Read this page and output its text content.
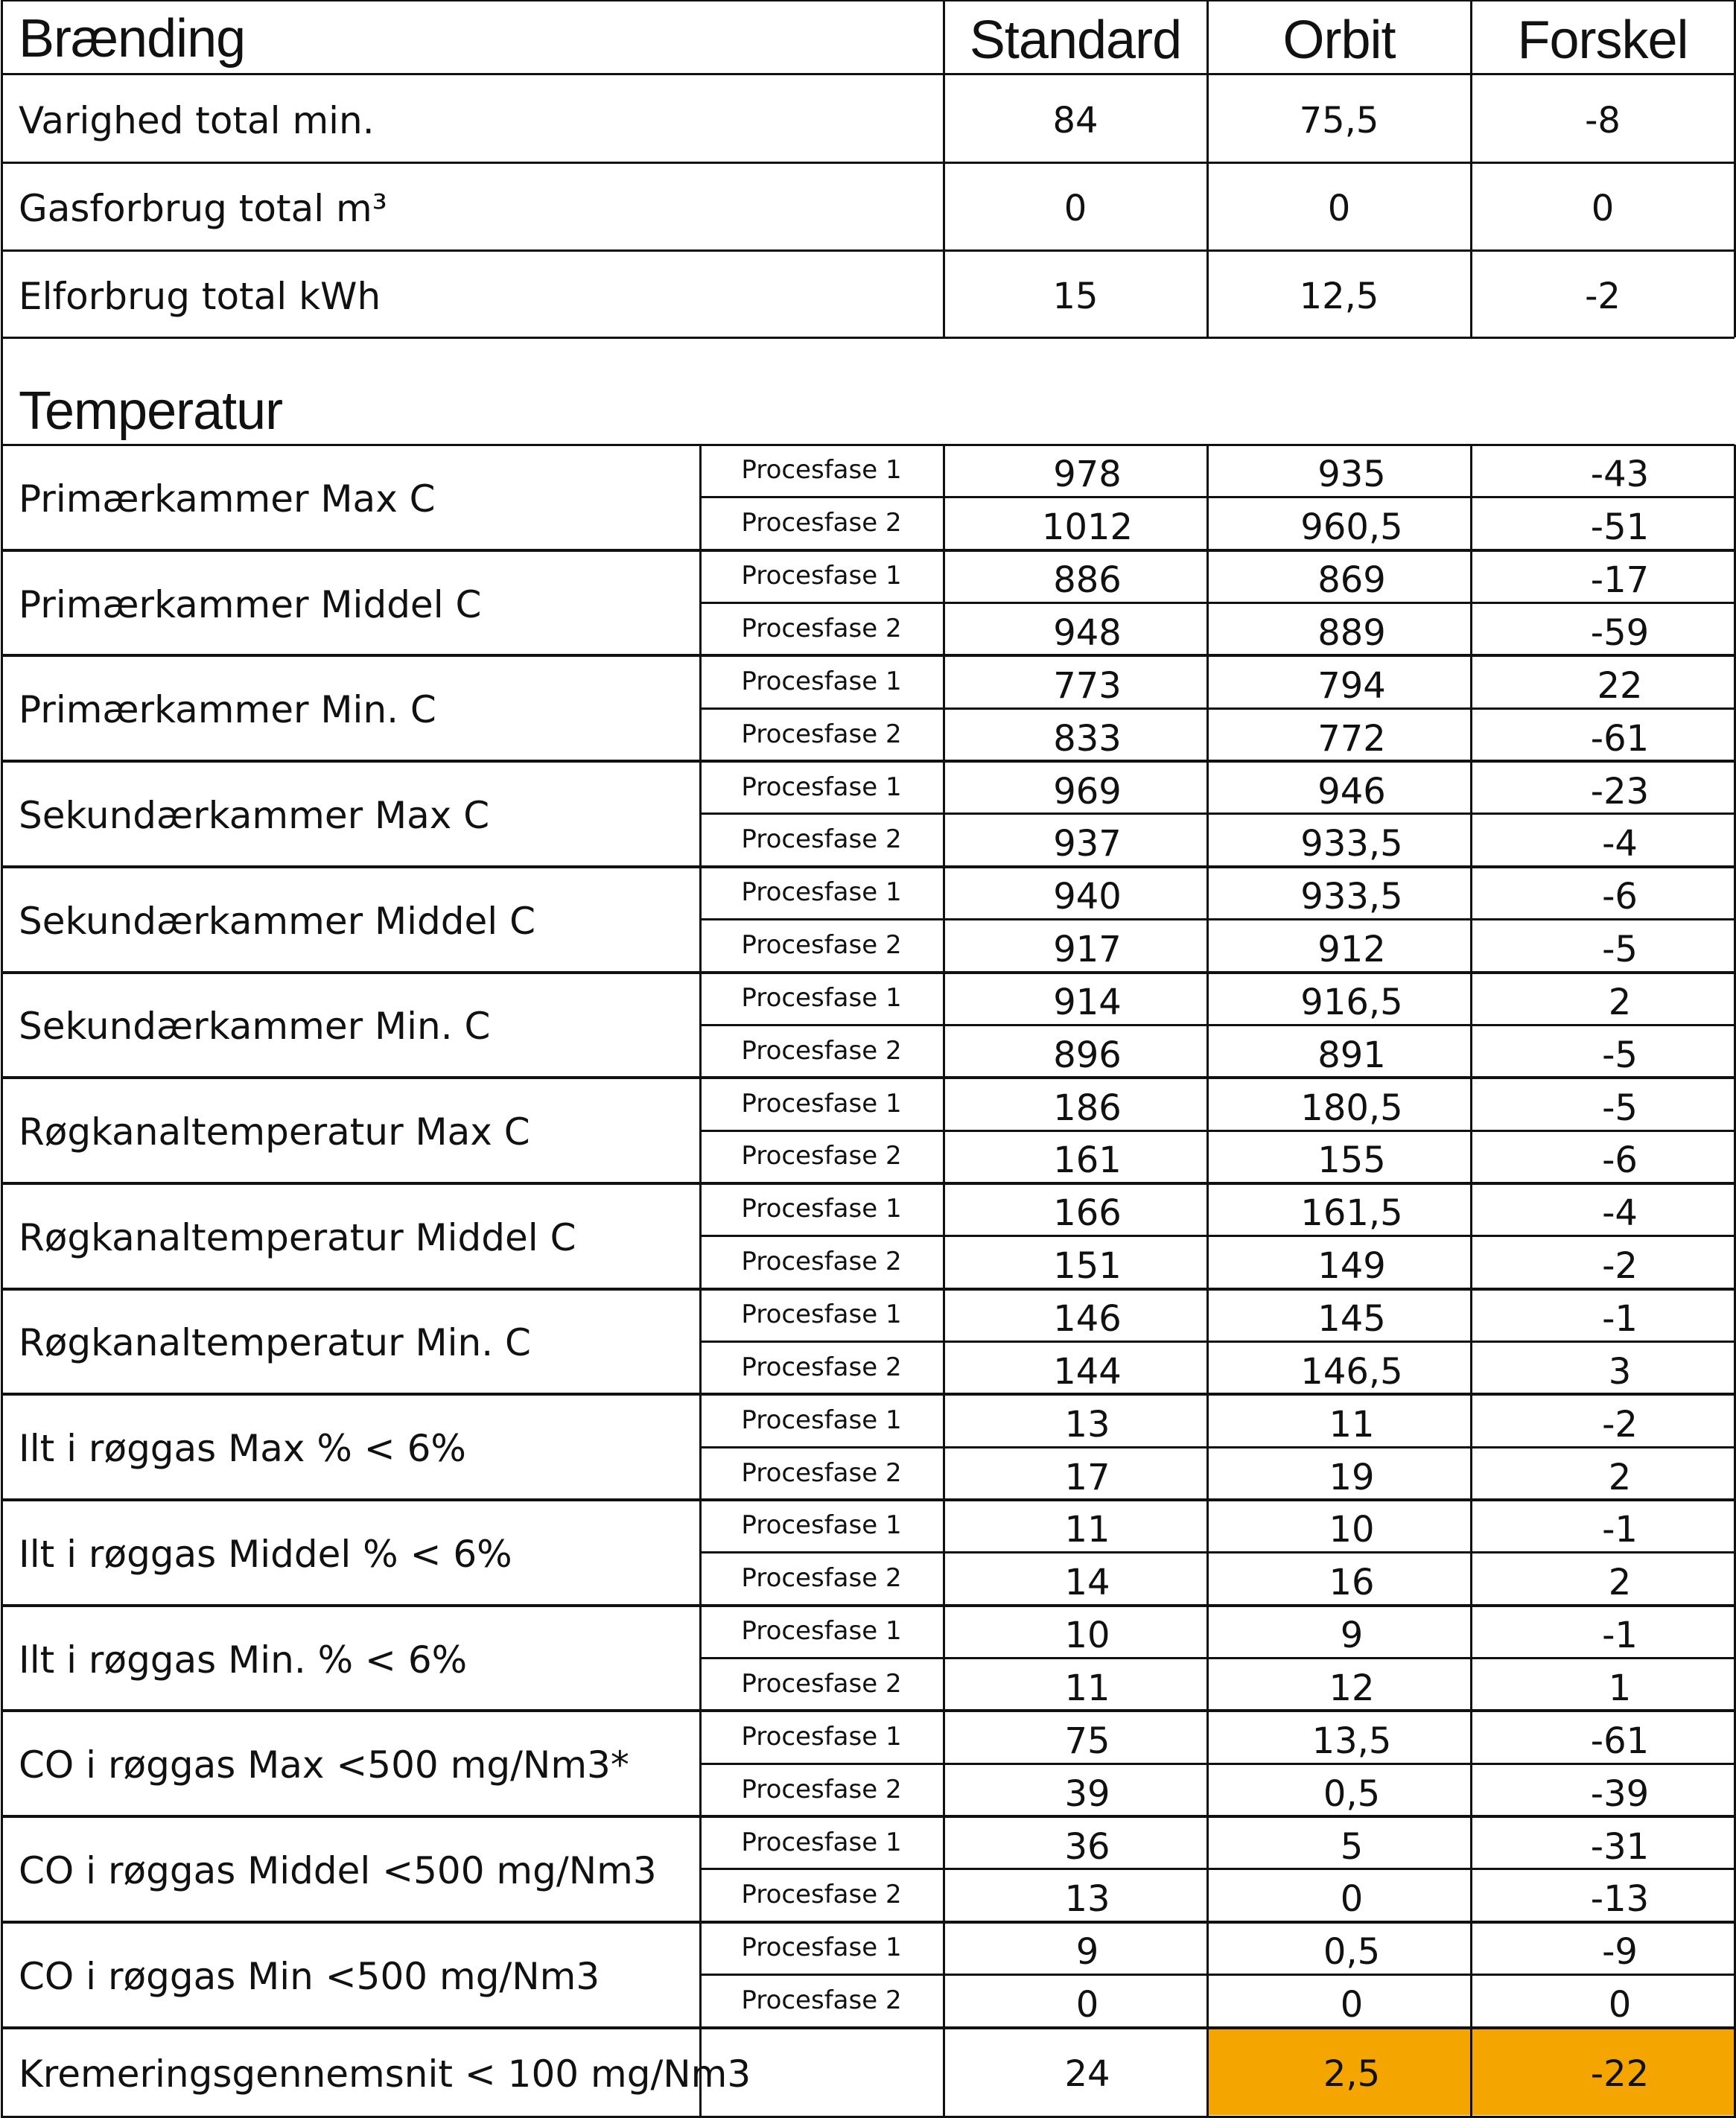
Brænding	Standard Orbit Forskel
Varighed total min.	84	75,5	-8
Gasforbrug total m³	0	0	0
Elforbrug total kWh	15	12,5	-2
Temperatur
Primærkammer Max C
Procesfase 1	978	935	-43
Procesfase 2	1012	960,5	-51
Primærkammer Middel C
Procesfase 1	886	869	-17
Procesfase 2	948	889	-59
Primærkammer Min. C
Procesfase 1	773	794	22
Procesfase 2	833	772	-61
Sekundærkammer Max C
Procesfase 1	969	946	-23
Procesfase 2	937	933,5	-4
Sekundærkammer Middel C
Procesfase 1	940	933,5	-6
Procesfase 2	917	912	-5
Sekundærkammer Min. C
Procesfase 1	914	916,5	2
Procesfase 2	896	891	-5
Røgkanaltemperatur Max C
Procesfase 1	186	180,5	-5
Procesfase 2	161	155	-6
Røgkanaltemperatur Middel C
Procesfase 1	166	161,5	-4
Procesfase 2	151	149	-2
Røgkanaltemperatur Min. C
Procesfase 1	146	145	-1
Procesfase 2	144	146,5	3
Ilt i røggas Max % < 6%
Procesfase 1	13	11	-2
Procesfase 2	17	19	2
Ilt i røggas Middel % < 6%
Procesfase 1	11	10	-1
Procesfase 2	14	16	2
Ilt i røggas Min. % < 6%
Procesfase 1	10	9	-1
Procesfase 2	11	12	1
CO i røggas Max <500 mg/Nm3*
Procesfase 1	75	13,5	-61
Procesfase 2	39	0,5	-39
CO i røggas Middel <500 mg/Nm3
Procesfase 1	36	5	-31
Procesfase 2	13	0	-13
CO i røggas Min <500 mg/Nm3
Procesfase 1	9	0,5	-9
Procesfase 2	0	0	0
Kremeringsgennemsnit < 100 mg/Nm3	24	2,5	-22
